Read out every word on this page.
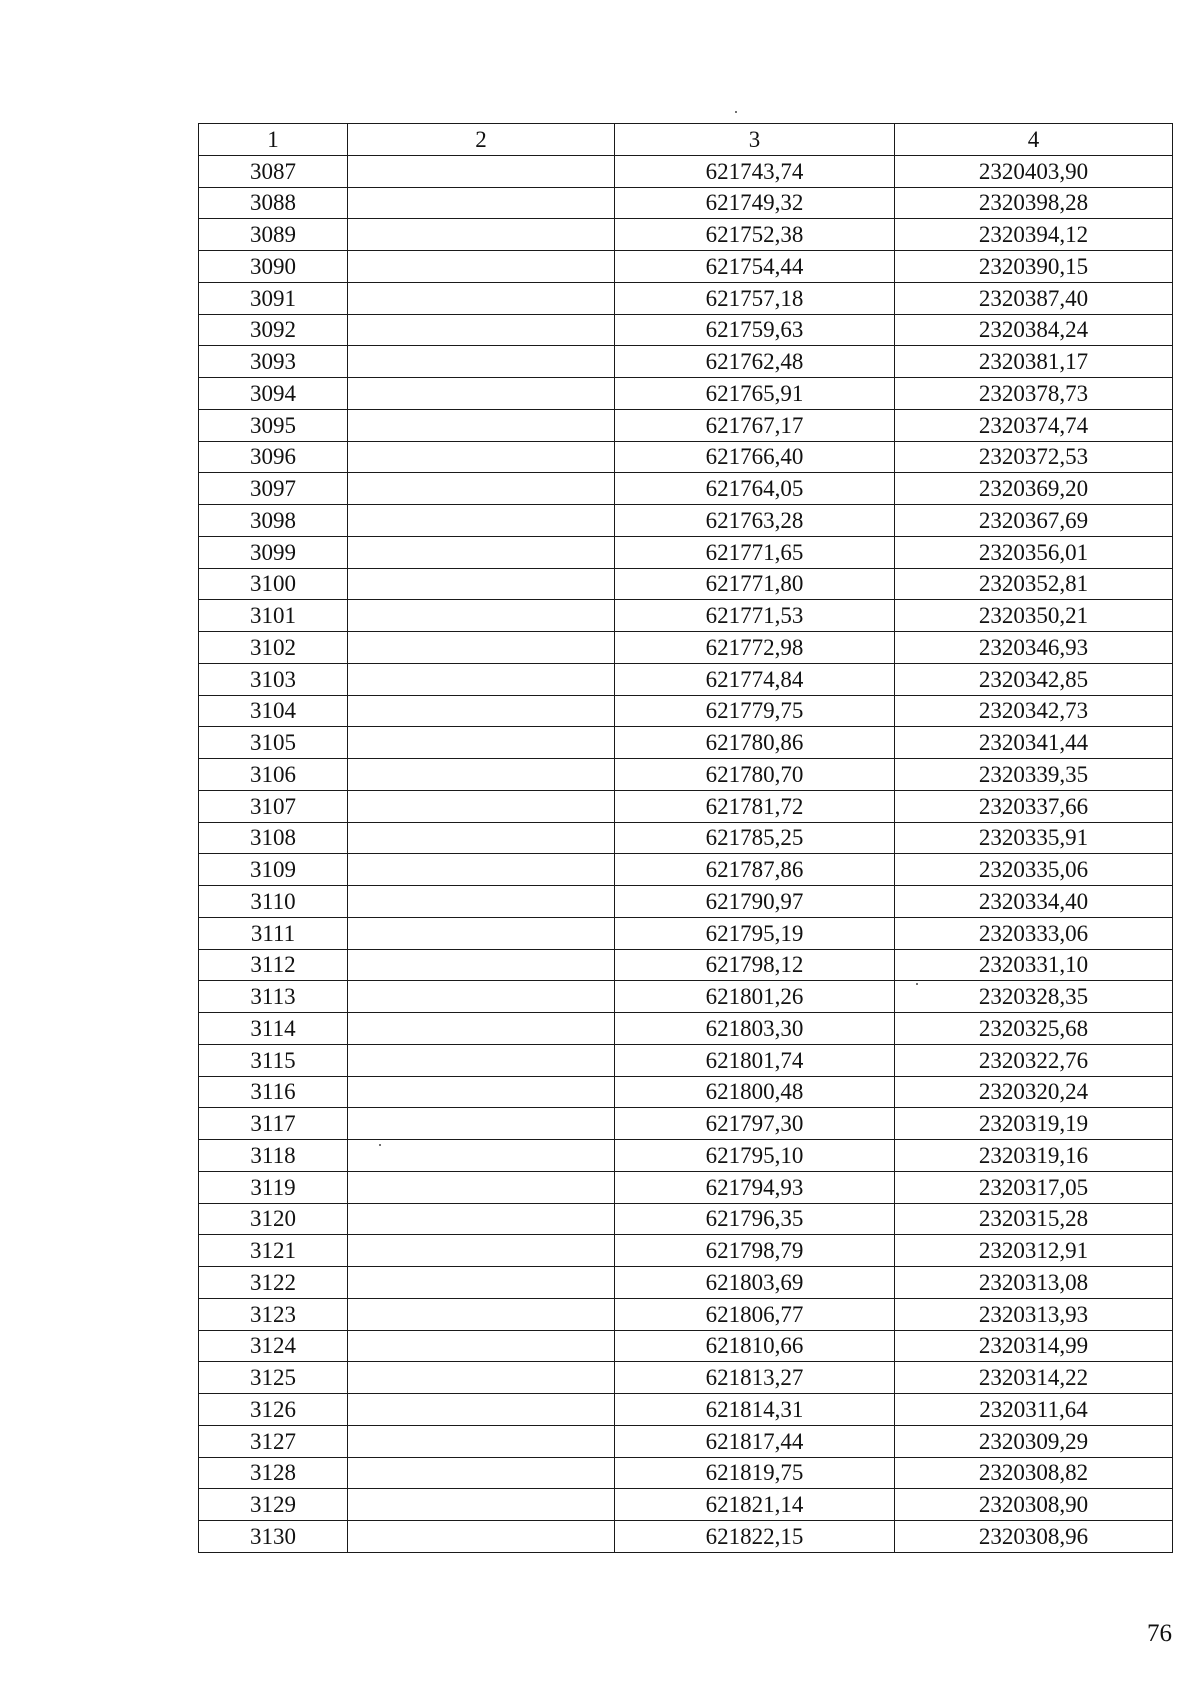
1	2	3	4
3087		621743,74	2320403,90
3088		621749,32	2320398,28
3089		621752,38	2320394,12
3090		621754,44	2320390,15
3091		621757,18	2320387,40
3092		621759,63	2320384,24
3093		621762,48	2320381,17
3094		621765,91	2320378,73
3095		621767,17	2320374,74
3096		621766,40	2320372,53
3097		621764,05	2320369,20
3098		621763,28	2320367,69
3099		621771,65	2320356,01
3100		621771,80	2320352,81
3101		621771,53	2320350,21
3102		621772,98	2320346,93
3103		621774,84	2320342,85
3104		621779,75	2320342,73
3105		621780,86	2320341,44
3106		621780,70	2320339,35
3107		621781,72	2320337,66
3108		621785,25	2320335,91
3109		621787,86	2320335,06
3110		621790,97	2320334,40
3111		621795,19	2320333,06
3112		621798,12	2320331,10
3113		621801,26	2320328,35
3114		621803,30	2320325,68
3115		621801,74	2320322,76
3116		621800,48	2320320,24
3117		621797,30	2320319,19
3118		621795,10	2320319,16
3119		621794,93	2320317,05
3120		621796,35	2320315,28
3121		621798,79	2320312,91
3122		621803,69	2320313,08
3123		621806,77	2320313,93
3124		621810,66	2320314,99
3125		621813,27	2320314,22
3126		621814,31	2320311,64
3127		621817,44	2320309,29
3128		621819,75	2320308,82
3129		621821,14	2320308,90
3130		621822,15	2320308,96
76
